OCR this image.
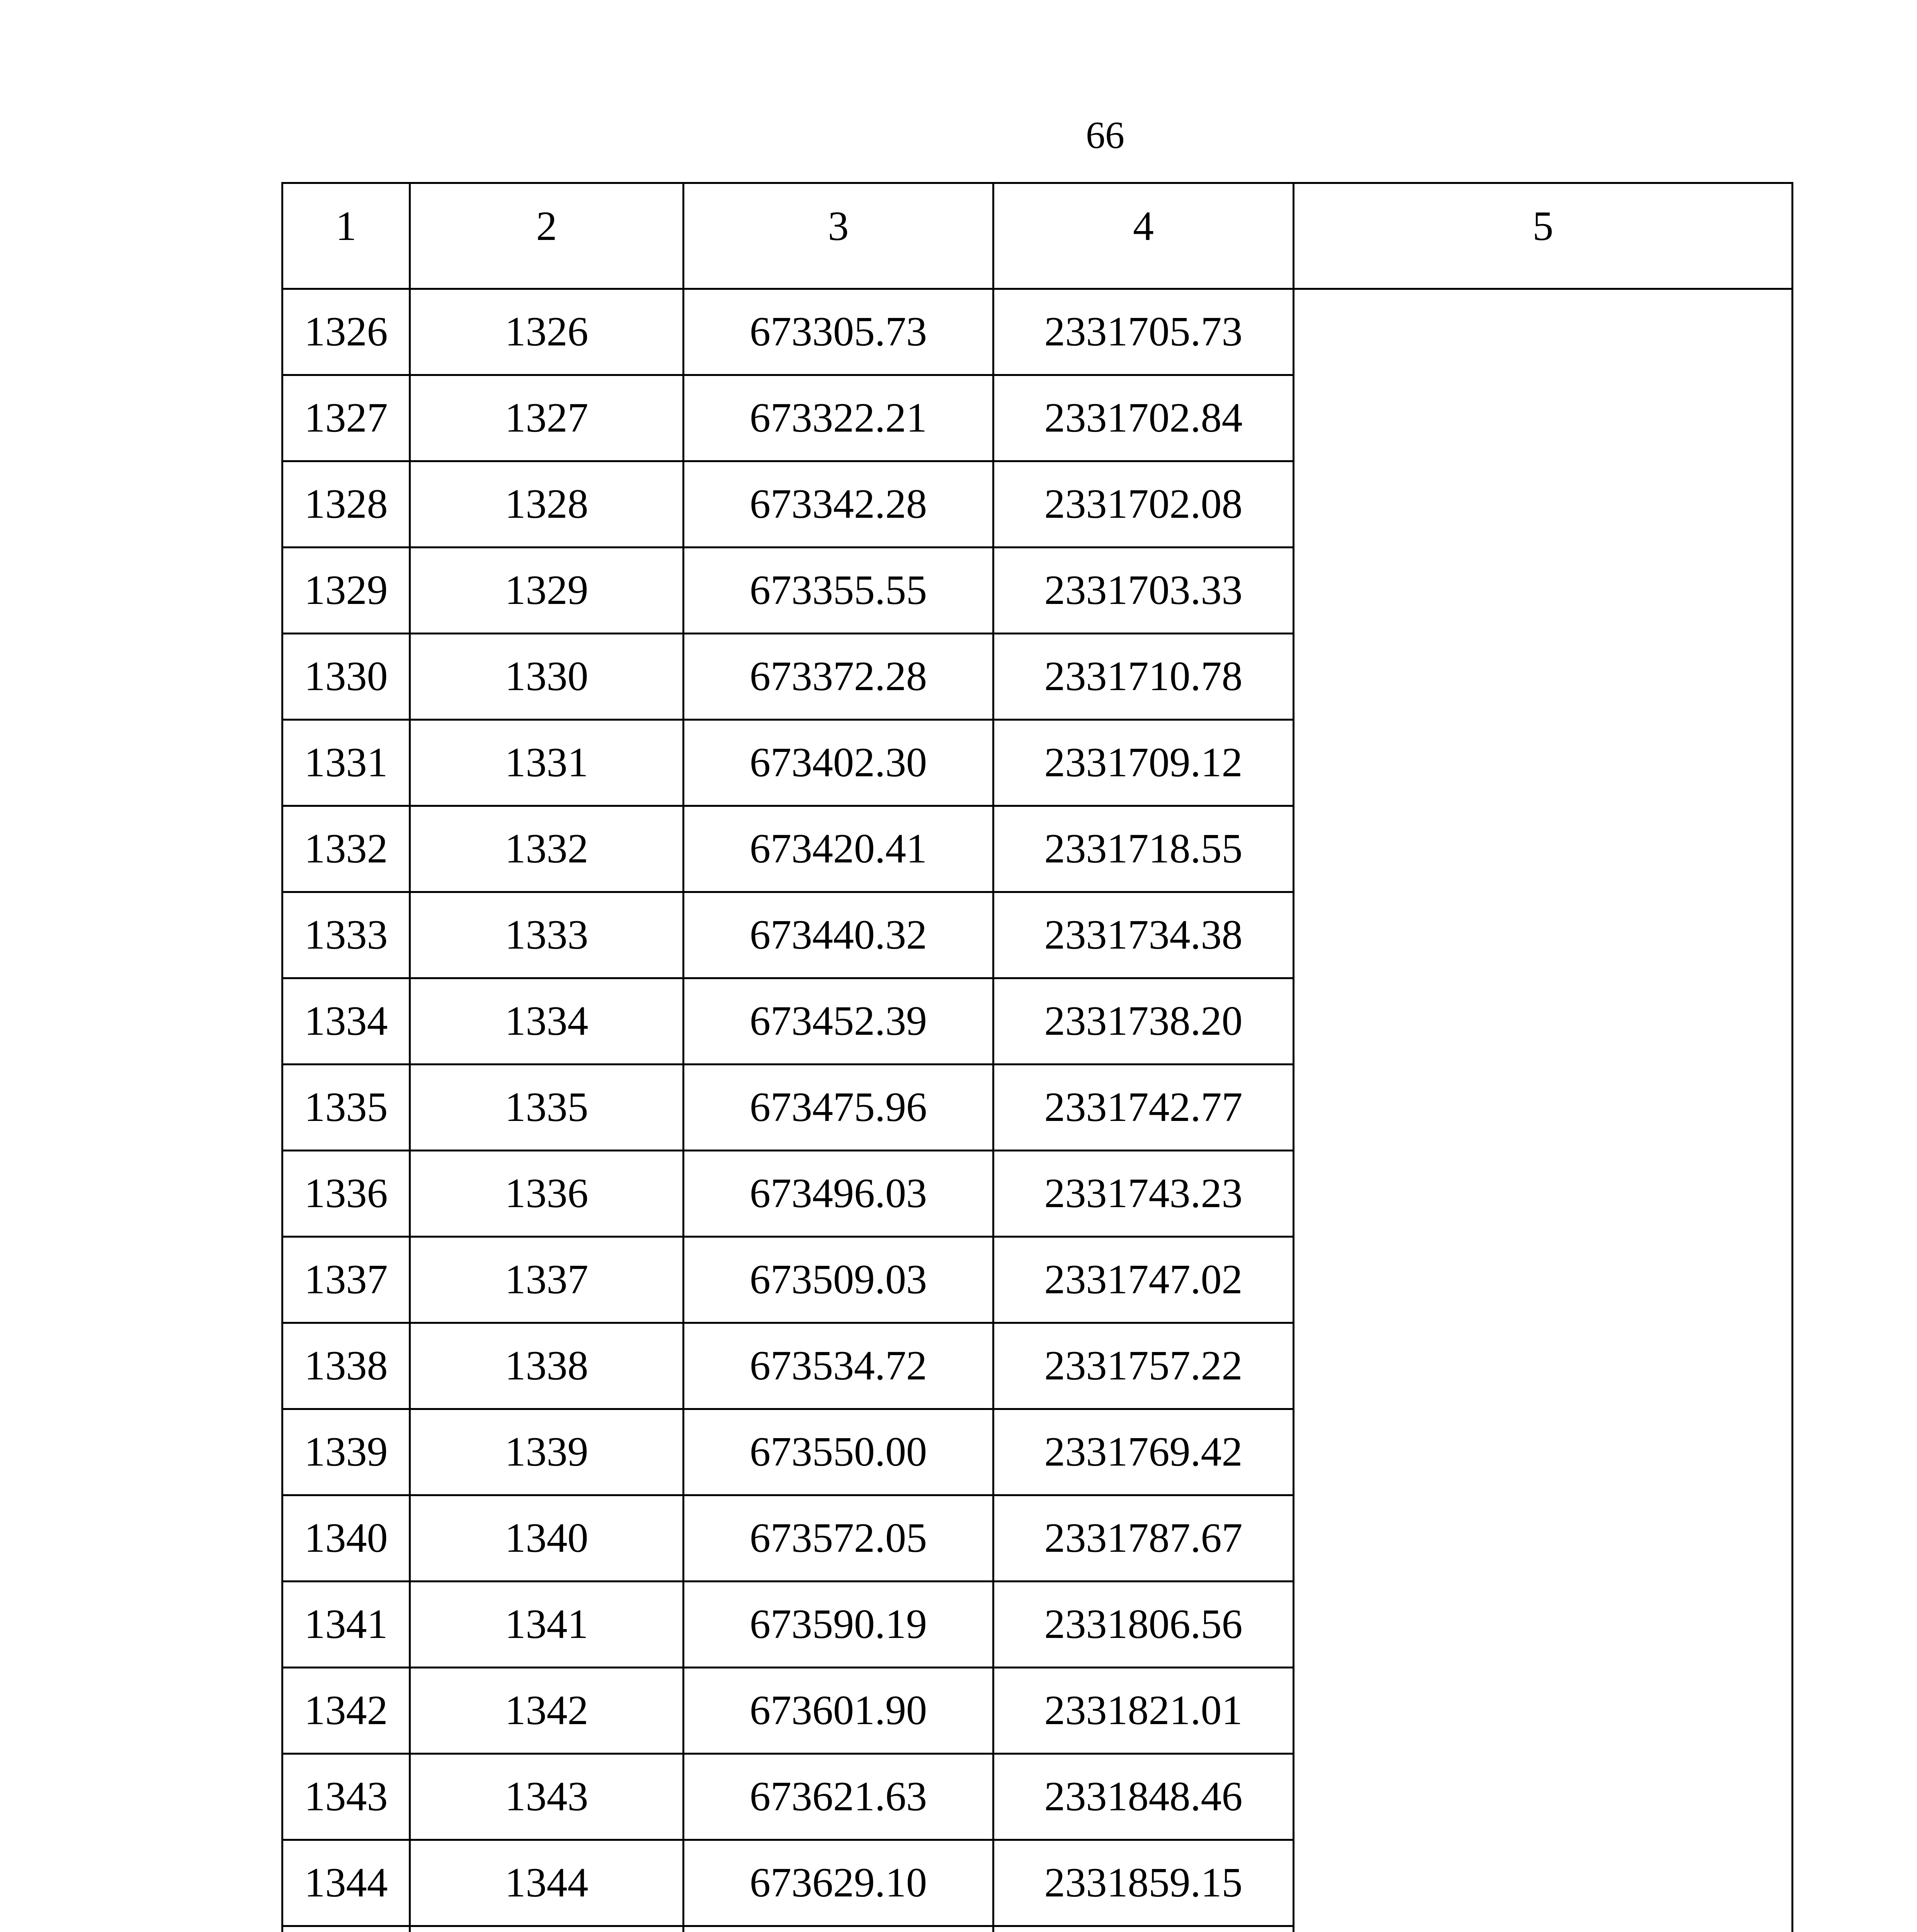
66
1	2	3	4	5
1326	1326	673305.73	2331705.73	
1327	1327	673322.21	2331702.84	
1328	1328	673342.28	2331702.08	
1329	1329	673355.55	2331703.33	
1330	1330	673372.28	2331710.78	
1331	1331	673402.30	2331709.12	
1332	1332	673420.41	2331718.55	
1333	1333	673440.32	2331734.38	
1334	1334	673452.39	2331738.20	
1335	1335	673475.96	2331742.77	
1336	1336	673496.03	2331743.23	
1337	1337	673509.03	2331747.02	
1338	1338	673534.72	2331757.22	
1339	1339	673550.00	2331769.42	
1340	1340	673572.05	2331787.67	
1341	1341	673590.19	2331806.56	
1342	1342	673601.90	2331821.01	
1343	1343	673621.63	2331848.46	
1344	1344	673629.10	2331859.15	
